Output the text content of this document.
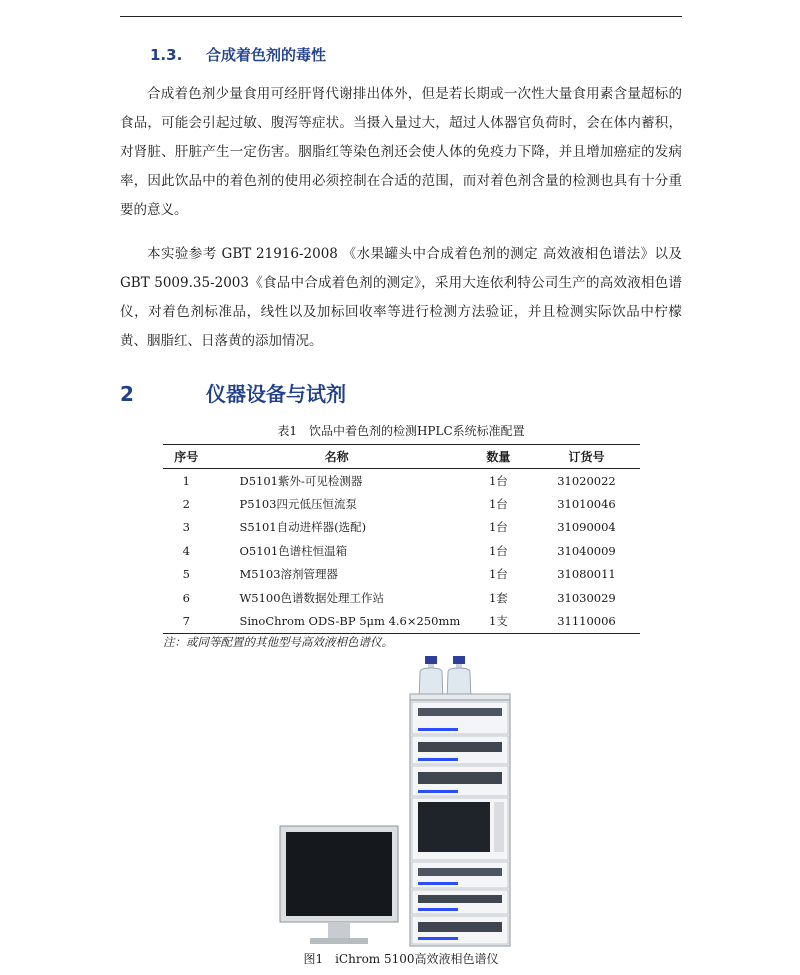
1.3. 合成着色剂的毒性
合成着色剂少量食用可经肝肾代谢排出体外，但是若长期或一次性大量食用素含量超标的食品，可能会引起过敏、腹泻等症状。当摄入量过大，超过人体器官负荷时，会在体内蓄积，对肾脏、肝脏产生一定伤害。胭脂红等染色剂还会使人体的免疫力下降，并且增加癌症的发病率，因此饮品中的着色剂的使用必须控制在合适的范围，而对着色剂含量的检测也具有十分重要的意义。
本实验参考 GBT 21916-2008 《水果罐头中合成着色剂的测定 高效液相色谱法》以及 GBT 5009.35-2003《食品中合成着色剂的测定》，采用大连依利特公司生产的高效液相色谱仪，对着色剂标准品，线性以及加标回收率等进行检测方法验证，并且检测实际饮品中柠檬黄、胭脂红、日落黄的添加情况。
2	仪器设备与试剂
表1　饮品中着色剂的检测HPLC系统标准配置
序号	名称	数量	订货号
1	D5101紫外-可见检测器	1台	31020022
2	P5103四元低压恒流泵	1台	31010046
3	S5101自动进样器(选配)	1台	31090004
4	O5101色谱柱恒温箱	1台	31040009
5	M5103溶剂管理器	1台	31080011
6	W5100色谱数据处理工作站	1套	31030029
7	SinoChrom ODS-BP 5μm 4.6×250mm	1支	31110006
注：或同等配置的其他型号高效液相色谱仪。
图1　iChrom 5100高效液相色谱仪
